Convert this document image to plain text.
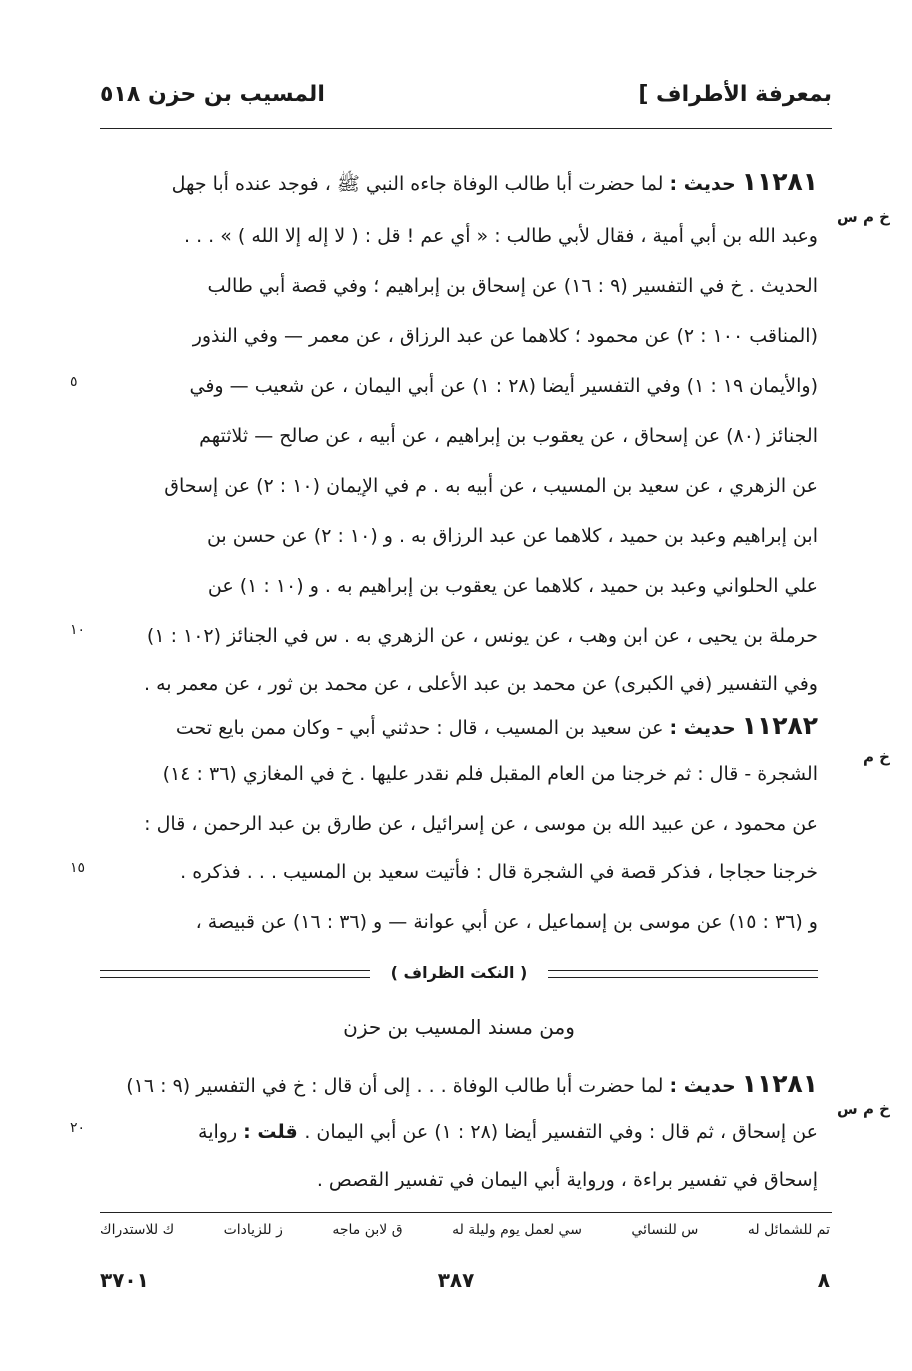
بمعرفة الأطراف ]
المسيب بن حزن ٥١٨
١١٢٨١ حديث : لما حضرت أبا طالب الوفاة جاءه النبي ﷺ ، فوجد عنده أبا جهل
وعبد الله بن أبي أمية ، فقال لأبي طالب : « أي عم ! قل : ( لا إله إلا الله ) » . . .
الحديث . خ في التفسير (٩ : ١٦) عن إسحاق بن إبراهيم ؛ وفي قصة أبي طالب
(المناقب ١٠٠ : ٢) عن محمود ؛ كلاهما عن عبد الرزاق ، عن معمر — وفي النذور
(والأيمان ١٩ : ١) وفي التفسير أيضا (٢٨ : ١) عن أبي اليمان ، عن شعيب — وفي
الجنائز (٨٠) عن إسحاق ، عن يعقوب بن إبراهيم ، عن أبيه ، عن صالح — ثلاثتهم
عن الزهري ، عن سعيد بن المسيب ، عن أبيه به . م في الإيمان (١٠ : ٢) عن إسحاق
ابن إبراهيم وعبد بن حميد ، كلاهما عن عبد الرزاق به . و (١٠ : ٢) عن حسن بن
علي الحلواني وعبد بن حميد ، كلاهما عن يعقوب بن إبراهيم به . و (١٠ : ١) عن
حرملة بن يحيى ، عن ابن وهب ، عن يونس ، عن الزهري به . س في الجنائز (١٠٢ : ١)
وفي التفسير (في الكبرى) عن محمد بن عبد الأعلى ، عن محمد بن ثور ، عن معمر به .
١١٢٨٢ حديث : عن سعيد بن المسيب ، قال : حدثني أبي - وكان ممن بايع تحت
الشجرة - قال : ثم خرجنا من العام المقبل فلم نقدر عليها . خ في المغازي (٣٦ : ١٤)
عن محمود ، عن عبيد الله بن موسى ، عن إسرائيل ، عن طارق بن عبد الرحمن ، قال :
خرجنا حجاجا ، فذكر قصة في الشجرة قال : فأتيت سعيد بن المسيب . . . فذكره .
و (٣٦ : ١٥) عن موسى بن إسماعيل ، عن أبي عوانة — و (٣٦ : ١٦) عن قبيصة ،
خ م س
خ م
خ م س
٥
١٠
١٥
٢٠
( النكت الظراف )
ومن مسند المسيب بن حزن
١١٢٨١ حديث : لما حضرت أبا طالب الوفاة . . . إلى أن قال : خ في التفسير (٩ : ١٦)
عن إسحاق ، ثم قال : وفي التفسير أيضا (٢٨ : ١) عن أبي اليمان . قلت : رواية
إسحاق في تفسير براءة ، ورواية أبي اليمان في تفسير القصص .
تم للشمائل له
س للنسائي
سي لعمل يوم وليلة له
ق لابن ماجه
ز للزيادات
ك للاستدراك
٨
٣٨٧
٣٧٠١
